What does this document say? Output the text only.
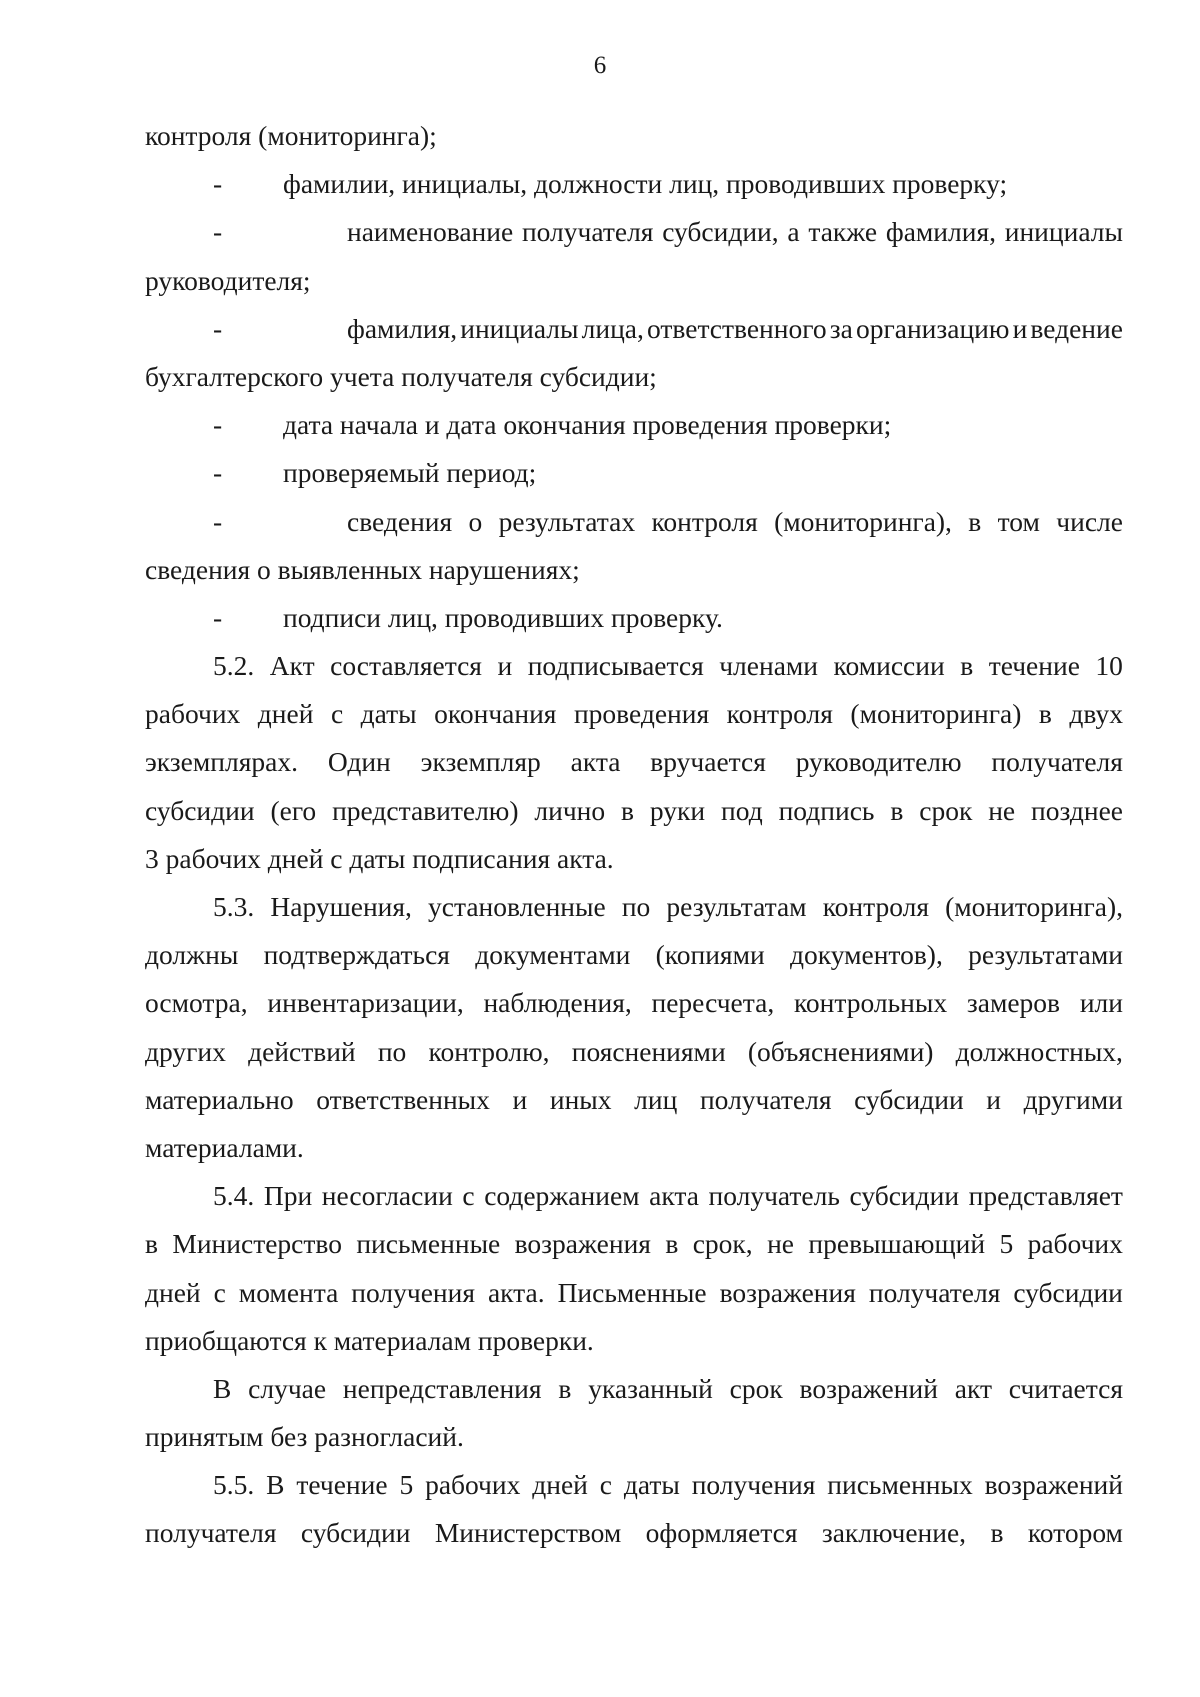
6
контроля (мониторинга);
- фамилии, инициалы, должности лиц, проводивших проверку;
-	наименование получателя субсидии, а также фамилия, инициалы
руководителя;
-	фамилия, инициалы лица, ответственного за организацию и ведение
бухгалтерского учета получателя субсидии;
- дата начала и дата окончания проведения проверки;
- проверяемый период;
-	сведения о результатах контроля (мониторинга), в том числе
сведения о выявленных нарушениях;
- подписи лиц, проводивших проверку.
5.2. Акт составляется и подписывается членами комиссии в течение 10
рабочих дней с даты окончания проведения контроля (мониторинга) в двух
экземплярах. Один экземпляр акта вручается руководителю получателя
субсидии (его представителю) лично в руки под подпись в срок не позднее
3 рабочих дней с даты подписания акта.
5.3. Нарушения, установленные по результатам контроля (мониторинга),
должны подтверждаться документами (копиями документов), результатами
осмотра, инвентаризации, наблюдения, пересчета, контрольных замеров или
других действий по контролю, пояснениями (объяснениями) должностных,
материально ответственных и иных лиц получателя субсидии и другими
материалами.
5.4. При несогласии с содержанием акта получатель субсидии представляет
в Министерство письменные возражения в срок, не превышающий 5 рабочих
дней с момента получения акта. Письменные возражения получателя субсидии
приобщаются к материалам проверки.
В случае непредставления в указанный срок возражений акт считается
принятым без разногласий.
5.5. В течение 5 рабочих дней с даты получения письменных возражений
получателя субсидии Министерством оформляется заключение, в котором
